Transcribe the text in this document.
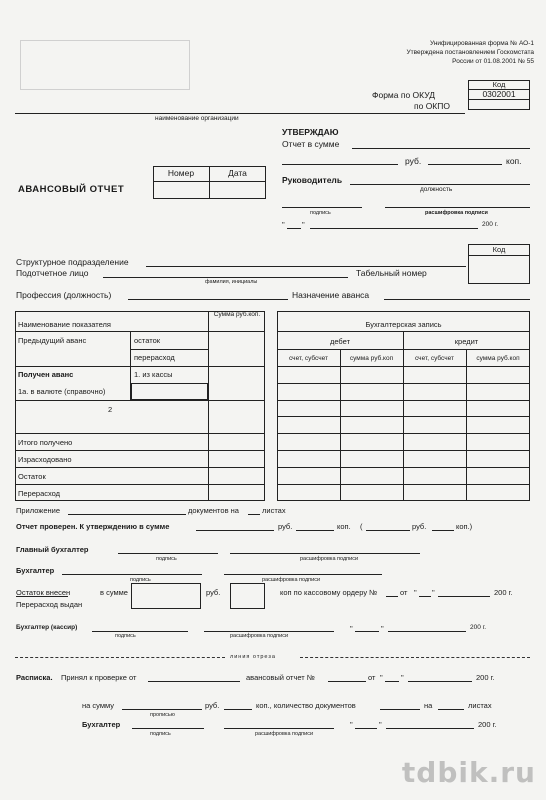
Унифицированная форма № АО-1
Утверждена постановлением Госкомстата
России от 01.08.2001 № 55
Код
0302001
Форма по ОКУД
по ОКПО
наименование организации
УТВЕРЖДАЮ
Отчет в сумме
руб.	коп.
Руководитель
должность
подпись	расшифровка подписи
" "	200 г.
АВАНСОВЫЙ ОТЧЕТ
Номер	Дата
Код
Структурное подразделение
Подотчетное лицо
фамилия, инициалы
Табельный номер
Профессия (должность)	Назначение аванса
Наименование показателя
Сумма руб.коп.
Предыдущий аванс	остаток
перерасход
Получен аванс	1. из кассы
1а. в валюте (справочно)
2
Итого получено
Израсходовано
Остаток
Перерасход
Бухгалтерская запись
дебет	кредит
счет, субсчет	сумма руб.коп	счет, субсчет	сумма руб.коп
Приложение	документов на	листах
Отчет проверен. К утверждению в сумме	руб.	коп. (	руб.	коп.)
Главный бухгалтер
подпись	расшифровка подписи
Бухгалтер
подпись	расшифровка подписи
Остаток внесен
Перерасход выдан
в сумме	руб.	коп по кассовому ордеру №	от " "	200 г.
Бухгалтер (кассир)
подпись	расшифровка подписи
"	"	200 г.
линия отреза
Расписка. Принял к проверке от	авансовый отчет №	от " "	200 г.
на сумму
прописью
руб.	коп., количество документов	на	листах
Бухгалтер
подпись	расшифровка подписи
"	"	200 г.
tdbik.ru
